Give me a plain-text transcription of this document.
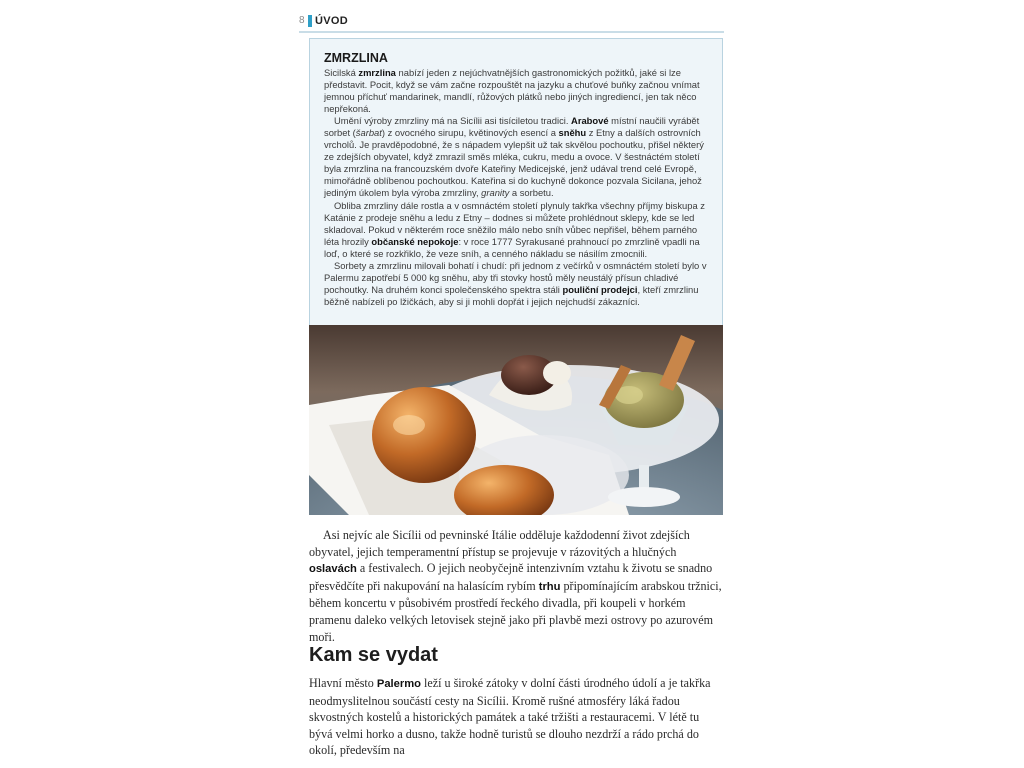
8 ÚVOD
ZMRZLINA

Sicilská zmrzlina nabízí jeden z nejúchvatnějších gastronomických požitků, jaké si lze představit. Pocit, když se vám začne rozpouštět na jazyku a chuťové buňky začnou vnímat jemnou příchuť mandarinek, mandlí, růžových plátků nebo jiných ingrediencí, jen tak něco nepřekoná.

Umění výroby zmrzliny má na Sicílii asi tisíciletou tradici. Arabové místní naučili vyrábět sorbet (šarbat) z ovocného sirupu, květinových esencí a sněhu z Etny a dalších ostrovních vrcholů. Je pravděpodobné, že s nápadem vylepšit už tak skvělou pochoutku, přišel některý ze zdejších obyvatel, když zmrazil směs mléka, cukru, medu a ovoce. V šestnáctém století byla zmrzlina na francouzském dvoře Kateřiny Medicejské, jenž udával trend celé Evropě, mimořádně oblíbenou pochoutkou. Kateřina si do kuchyně dokonce pozvala Sicilana, jehož jediným úkolem byla výroba zmrzliny, granity a sorbetu.

Obliba zmrzliny dále rostla a v osmnáctém století plynuly takřka všechny příjmy biskupa z Katánie z prodeje sněhu a ledu z Etny – dodnes si můžete prohlédnout sklepy, kde se led skladoval. Pokud v některém roce sněžilo málo nebo sníh vůbec nepřišel, během parného léta hrozily občanské nepokoje: v roce 1777 Syrakusané prahnoucí po zmrzlině vpadli na loď, o které se rozkřiklo, že veze sníh, a cenného nákladu se násilím zmocnili.

Sorbety a zmrzlinu milovali bohatí i chudí: při jednom z večírků v osmnáctém století bylo v Palermu zapotřebí 5 000 kg sněhu, aby tři stovky hostů měly neustálý přísun chladivé pochoutky. Na druhém konci společenského spektra stáli pouliční prodejci, kteří zmrzlinu běžně nabízeli po lžičkách, aby si ji mohli dopřát i jejich nejchudší zákazníci.

Asi nejvíc ale Sicílii od pevninské Itálie odděluje každodenní život zdejších obyvatel, jejich temperamentní přístup se projevuje v rázovitých a hlučných oslavách a festivalech. O jejich neobyčejně intenzivním vztahu k životu se snadno přesvědčíte při nakupování na halasícím rybím trhu připomínajícím arabskou tržnici, během koncertu v působivém prostředí řeckého divadla, při koupeli v horkém pramenu daleko velkých letovisek stejně jako při plavbě mezi ostrovy po azurovém moři.

Kam se vydat

Hlavní město Palermo leží u široké zátoky v dolní části úrodného údolí a je takřka neodmyslitelnou součástí cesty na Sicílii. Kromě rušné atmosféry láká řadou skvostných kostelů a historických památek a také tržišti a restauracemi. V létě tu bývá velmi horko a dusno, takže hodně turistů se dlouho nezdrží a rádo prchá do okolí, především na
